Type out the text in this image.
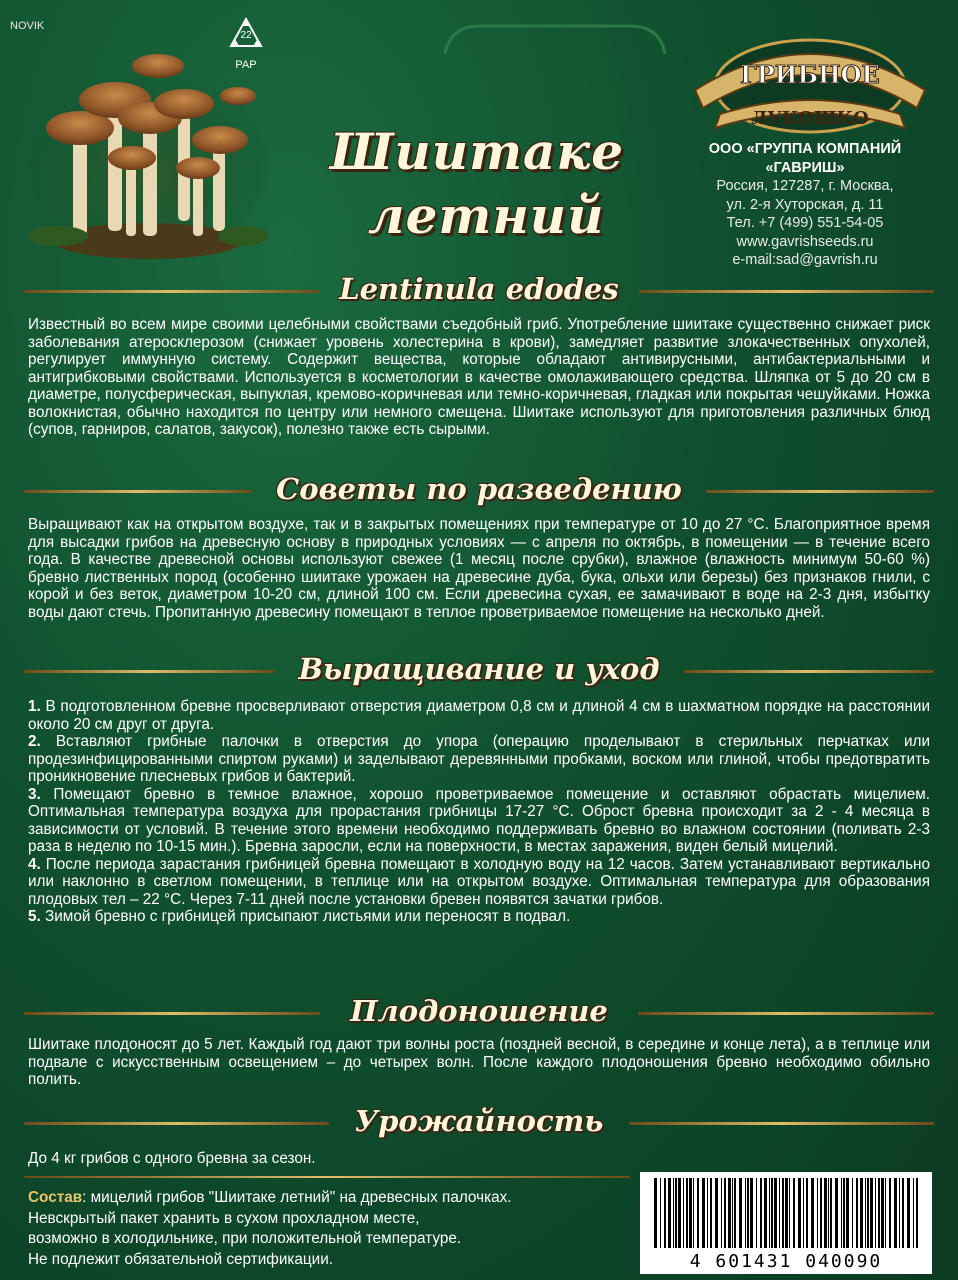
NOVIK
22
PAP	ГРИБНОЕ
ЛУКОШКО
Шиитаке
летний
ООО «ГРУППА КОМПАНИЙ
«ГАВРИШ»
Россия, 127287, г. Москва,
ул. 2-я Хуторская, д. 11
Тел. +7 (499) 551-54-05
www.gavrishseeds.ru
e-mail:sad@gavrish.ru
Lentinula edodes
Известный во всем мире своими целебными свойствами съедобный гриб. Употребление шиитаке существенно снижает риск заболевания атеросклерозом (снижает уровень холестерина в крови), замедляет развитие злокачественных опухолей, регулирует иммунную систему. Содержит вещества, которые обладают антивирусными, антибактериальными и антигрибковыми свойствами. Используется в косметологии в качестве омолаживающего средства. Шляпка от 5 до 20 см в диаметре, полусферическая, выпуклая, кремово-коричневая или темно-коричневая, гладкая или покрытая чешуйками. Ножка волокнистая, обычно находится по центру или немного смещена. Шиитаке используют для приготовления различных блюд (супов, гарниров, салатов, закусок), полезно также есть сырыми.
Советы по разведению
Выращивают как на открытом воздухе, так и в закрытых помещениях при температуре от 10 до 27 °С. Благоприятное время для высадки грибов на древесную основу в природных условиях — с апреля по октябрь, в помещении — в течение всего года. В качестве древесной основы используют свежее (1 месяц после срубки), влажное (влажность минимум 50-60 %) бревно лиственных пород (особенно шиитаке урожаен на древесине дуба, бука, ольхи или березы) без признаков гнили, с корой и без веток, диаметром 10-20 см, длиной 100 см. Если древесина сухая, ее замачивают в воде на 2-3 дня, избытку воды дают стечь. Пропитанную древесину помещают в теплое проветриваемое помещение на несколько дней.
Выращивание и уход

1. В подготовленном бревне просверливают отверстия диаметром 0,8 см и длиной 4 см в шахматном порядке на расстоянии около 20 см друг от друга.

2. Вставляют грибные палочки в отверстия до упора (операцию проделывают в стерильных перчатках или продезинфицированными спиртом руками) и заделывают деревянными пробками, воском или глиной, чтобы предотвратить проникновение плесневых грибов и бактерий.

3. Помещают бревно в темное влажное, хорошо проветриваемое помещение и оставляют обрастать мицелием. Оптимальная температура воздуха для прорастания грибницы 17-27 °С. Оброст бревна происходит за 2 - 4 месяца в зависимости от условий. В течение этого времени необходимо поддерживать бревно во влажном состоянии (поливать 2-3 раза в неделю по 10-15 мин.). Бревна заросли, если на поверхности, в местах заражения, виден белый мицелий.

4. После периода зарастания грибницей бревна помещают в холодную воду на 12 часов. Затем устанавливают вертикально или наклонно в светлом помещении, в теплице или на открытом воздухе. Оптимальная температура для образования плодовых тел – 22 °С. Через 7-11 дней после установки бревен появятся зачатки грибов.

5. Зимой бревно с грибницей присыпают листьями или переносят в подвал.

Плодоношение
Шиитаке плодоносят до 5 лет. Каждый год дают три волны роста (поздней весной, в середине и конце лета), а в теплице или подвале с искусственным освещением – до четырех волн. После каждого плодоношения бревно необходимо обильно полить.
Урожайность
До 4 кг грибов с одного бревна за сезон.
Состав: мицелий грибов "Шиитаке летний" на древесных палочках.
Невскрытый пакет хранить в сухом прохладном месте,
возможно в холодильнике, при положительной температуре.
Не подлежит обязательной сертификации.	4 601431 040090
